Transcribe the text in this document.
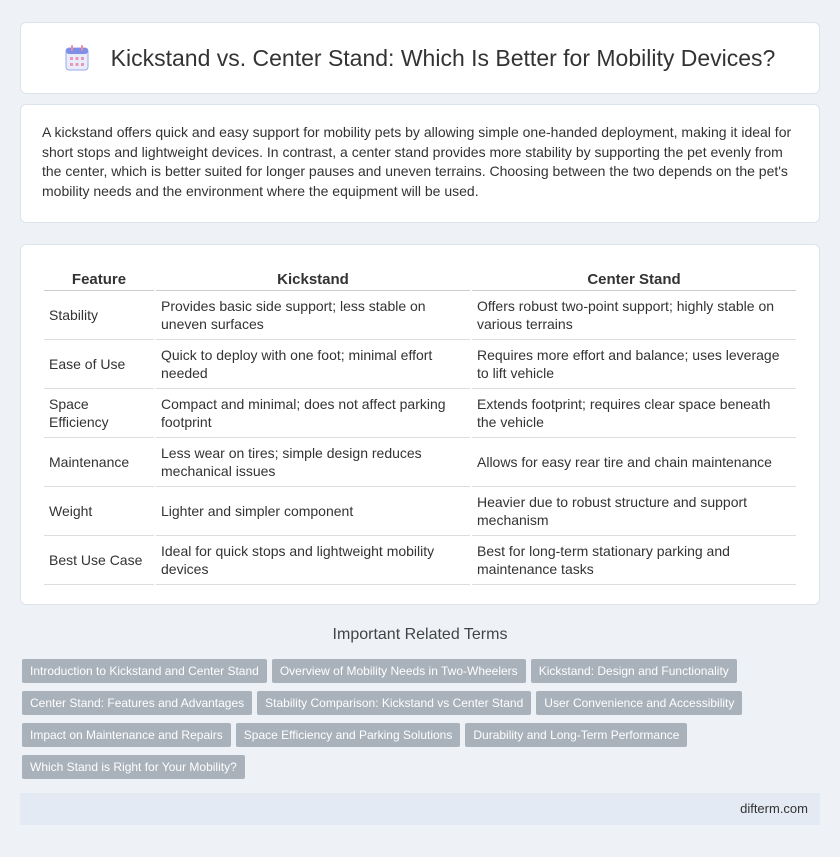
Kickstand vs. Center Stand: Which Is Better for Mobility Devices?

A kickstand offers quick and easy support for mobility pets by allowing simple one-handed deployment, making it ideal for short stops and lightweight devices. In contrast, a center stand provides more stability by supporting the pet evenly from the center, which is better suited for longer pauses and uneven terrains. Choosing between the two depends on the pet's mobility needs and the environment where the equipment will be used.

Feature	Kickstand	Center Stand
Stability	Provides basic side support; less stable on uneven surfaces	Offers robust two-point support; highly stable on various terrains
Ease of Use	Quick to deploy with one foot; minimal effort needed	Requires more effort and balance; uses leverage to lift vehicle
Space Efficiency	Compact and minimal; does not affect parking footprint	Extends footprint; requires clear space beneath the vehicle
Maintenance	Less wear on tires; simple design reduces mechanical issues	Allows for easy rear tire and chain maintenance
Weight	Lighter and simpler component	Heavier due to robust structure and support mechanism
Best Use Case	Ideal for quick stops and lightweight mobility devices	Best for long-term stationary parking and maintenance tasks
Important Related Terms
Introduction to Kickstand and Center Stand Overview of Mobility Needs in Two-Wheelers Kickstand: Design and Functionality
Center Stand: Features and Advantages Stability Comparison: Kickstand vs Center Stand User Convenience and Accessibility
Impact on Maintenance and Repairs Space Efficiency and Parking Solutions Durability and Long-Term Performance
Which Stand is Right for Your Mobility?
difterm.com
